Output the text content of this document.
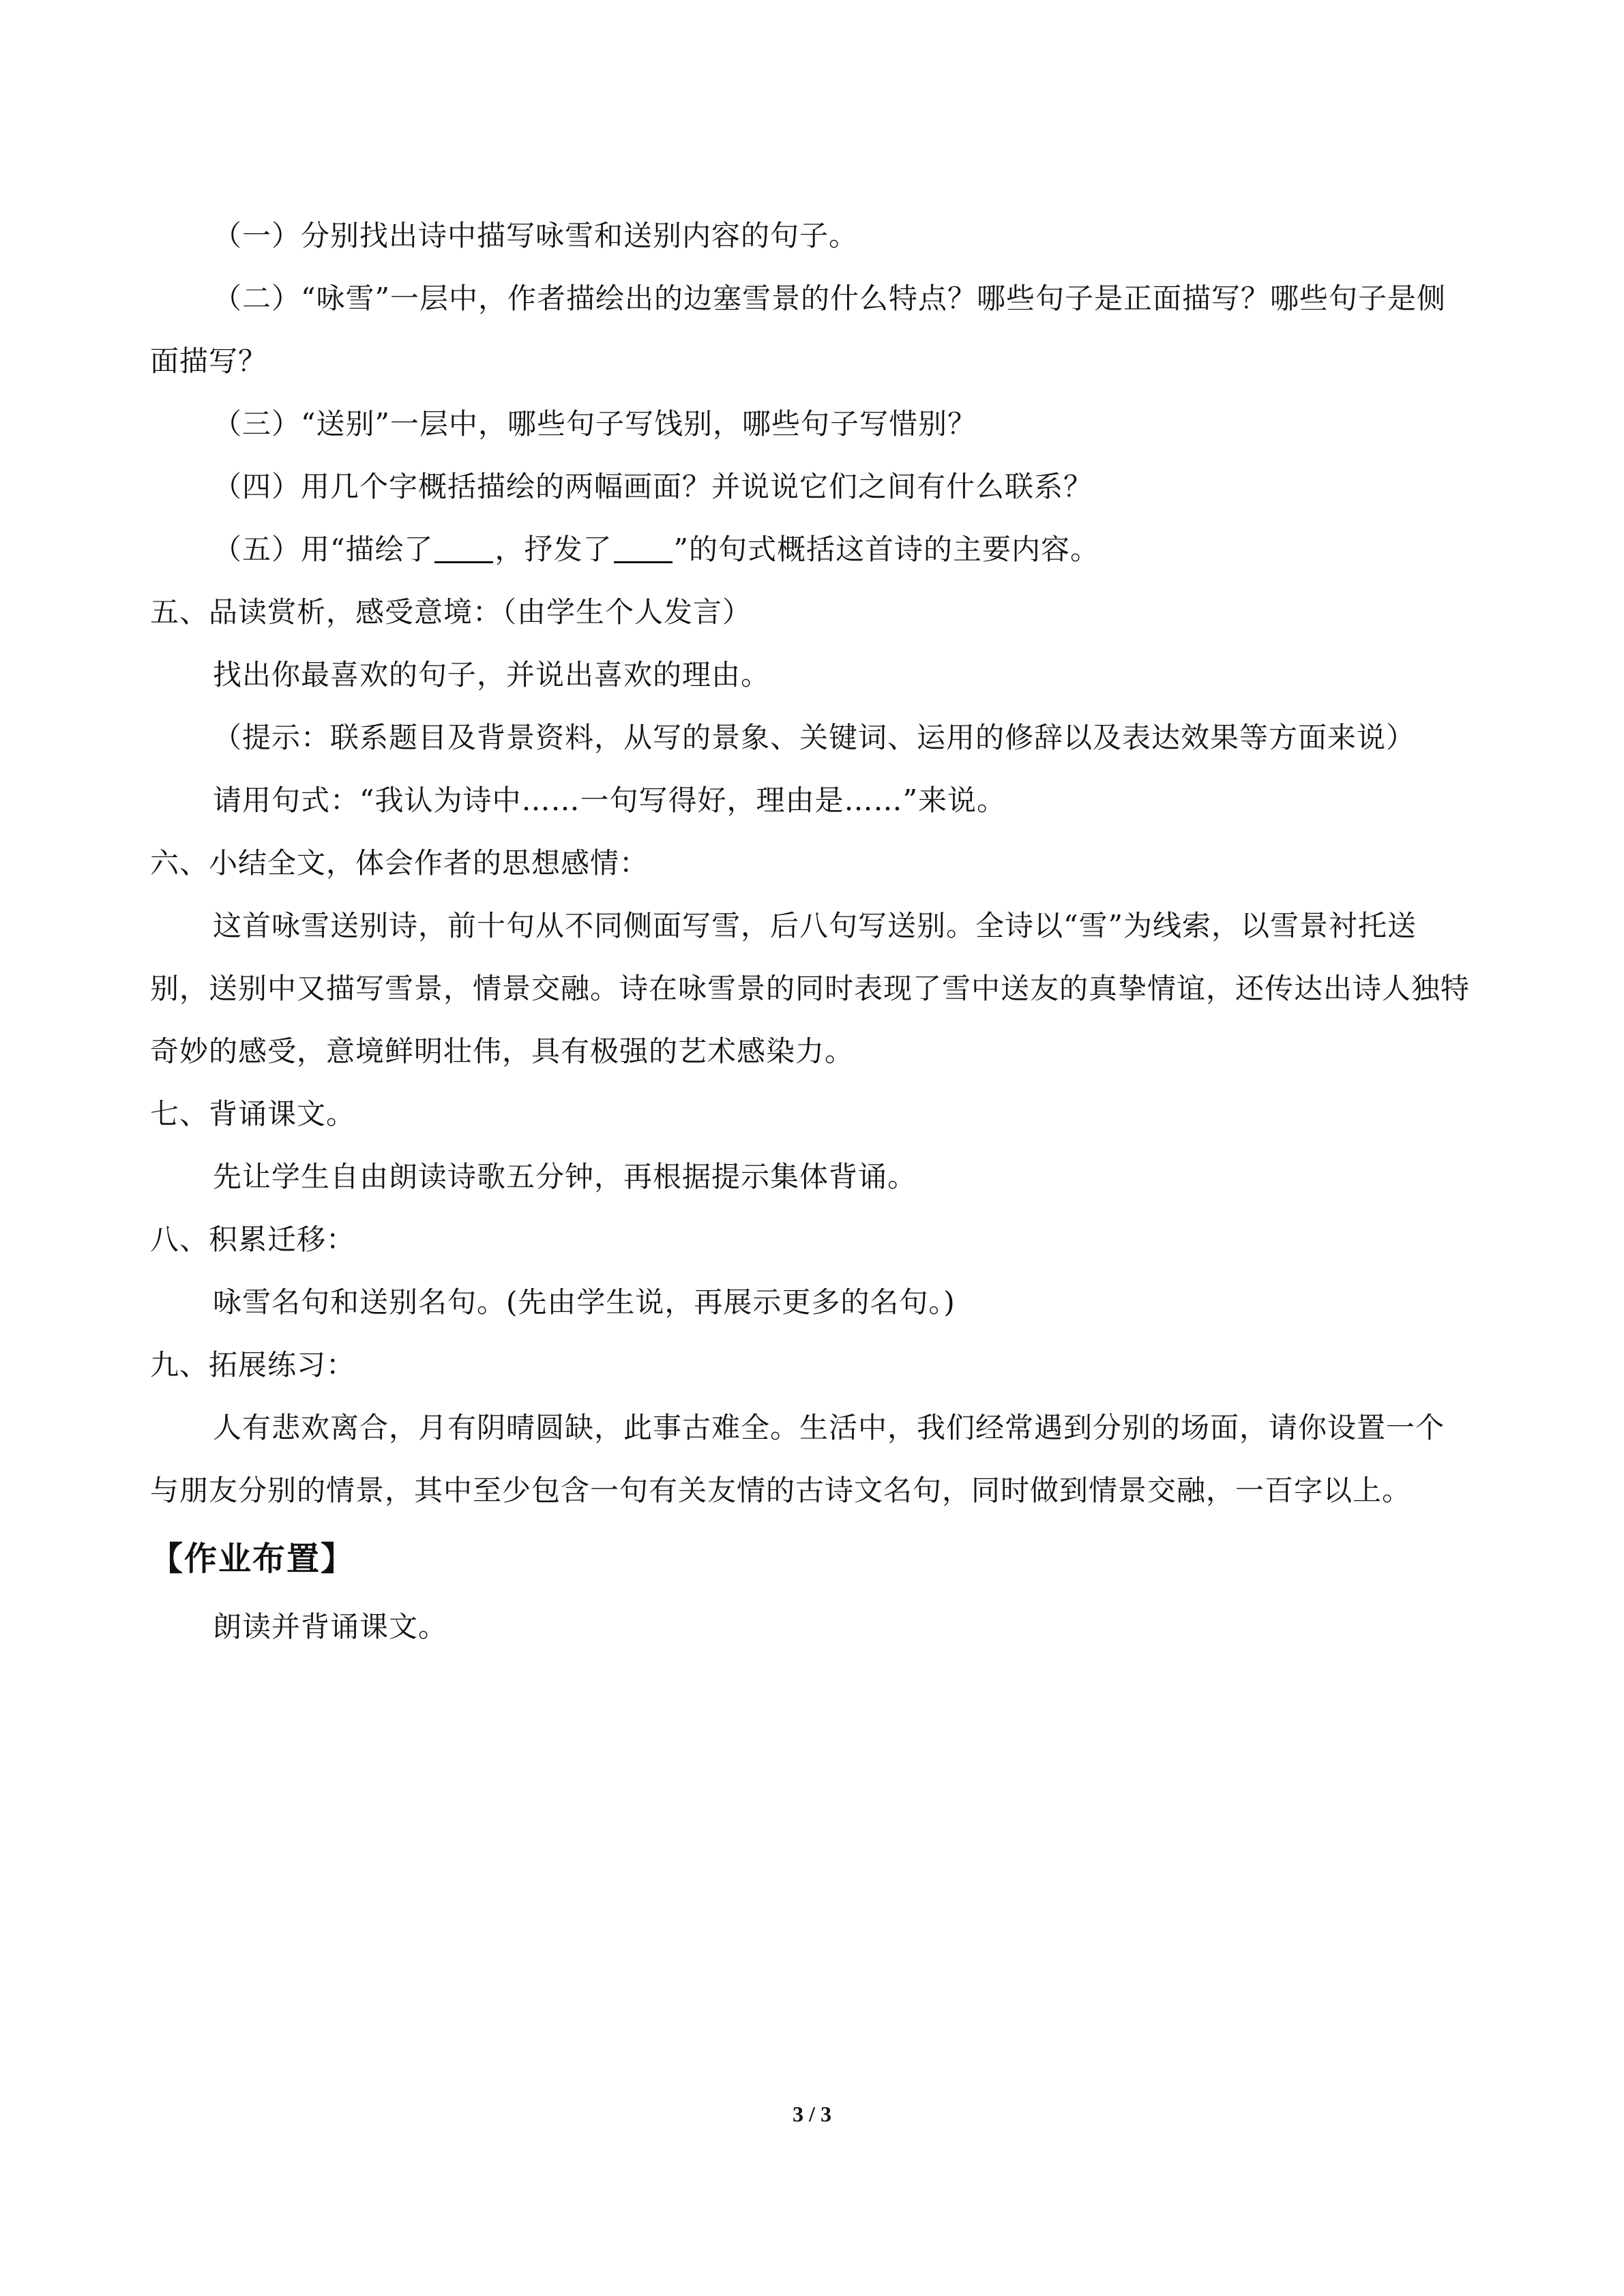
（一）分别找出诗中描写咏雪和送别内容的句子。

（二）“咏雪”一层中，作者描绘出的边塞雪景的什么特点？哪些句子是正面描写？哪些句子是侧面描写？

（三）“送别”一层中，哪些句子写饯别，哪些句子写惜别？

（四）用几个字概括描绘的两幅画面？并说说它们之间有什么联系？

（五）用“描绘了 ，抒发了 ”的句式概括这首诗的主要内容。

五、品读赏析，感受意境：（由学生个人发言）

找出你最喜欢的句子，并说出喜欢的理由。

（提示：联系题目及背景资料，从写的景象、关键词、运用的修辞以及表达效果等方面来说）

请用句式：“我认为诗中……一句写得好，理由是……”来说。

六、小结全文，体会作者的思想感情：

这首咏雪送别诗，前十句从不同侧面写雪，后八句写送别。全诗以“雪”为线索，以雪景衬托送别，送别中又描写雪景，情景交融。诗在咏雪景的同时表现了雪中送友的真挚情谊，还传达出诗人独特奇妙的感受，意境鲜明壮伟，具有极强的艺术感染力。

七、背诵课文。

先让学生自由朗读诗歌五分钟，再根据提示集体背诵。

八、积累迁移：

咏雪名句和送别名句。(先由学生说，再展示更多的名句。)

九、拓展练习：

人有悲欢离合，月有阴晴圆缺，此事古难全。生活中，我们经常遇到分别的场面，请你设置一个与朋友分别的情景，其中至少包含一句有关友情的古诗文名句，同时做到情景交融，一百字以上。

【作业布置】

朗读并背诵课文。

3 / 3
